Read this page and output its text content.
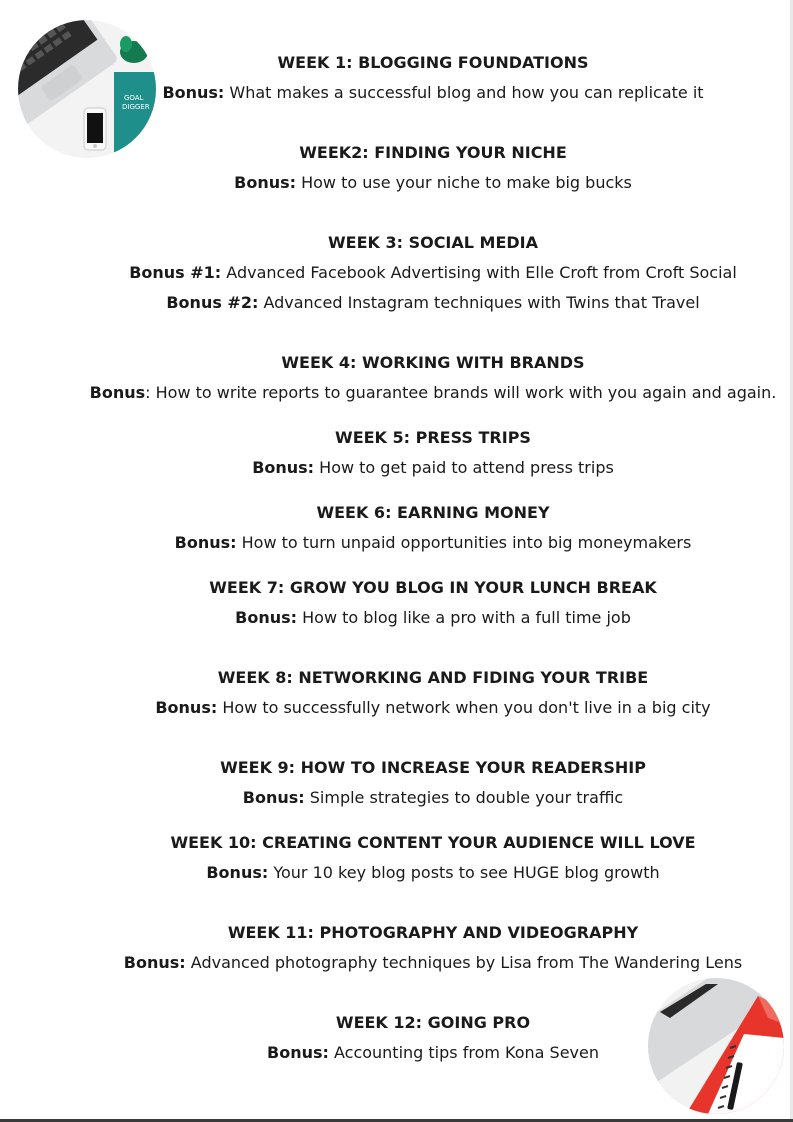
GOAL
DIGGER
WEEK 1: BLOGGING FOUNDATIONS
Bonus: What makes a successful blog and how you can replicate it
WEEK2: FINDING YOUR NICHE
Bonus: How to use your niche to make big bucks
WEEK 3: SOCIAL MEDIA
Bonus #1: Advanced Facebook Advertising with Elle Croft from Croft Social
Bonus #2: Advanced Instagram techniques with Twins that Travel
WEEK 4: WORKING WITH BRANDS
Bonus: How to write reports to guarantee brands will work with you again and again.
WEEK 5: PRESS TRIPS
Bonus: How to get paid to attend press trips
WEEK 6: EARNING MONEY
Bonus: How to turn unpaid opportunities into big moneymakers
WEEK 7: GROW YOU BLOG IN YOUR LUNCH BREAK
Bonus: How to blog like a pro with a full time job
WEEK 8: NETWORKING AND FIDING YOUR TRIBE
Bonus: How to successfully network when you don't live in a big city
WEEK 9: HOW TO INCREASE YOUR READERSHIP
Bonus: Simple strategies to double your traffic
WEEK 10: CREATING CONTENT YOUR AUDIENCE WILL LOVE
Bonus: Your 10 key blog posts to see HUGE blog growth
WEEK 11: PHOTOGRAPHY AND VIDEOGRAPHY
Bonus: Advanced photography techniques by Lisa from The Wandering Lens
WEEK 12: GOING PRO
Bonus: Accounting tips from Kona Seven
